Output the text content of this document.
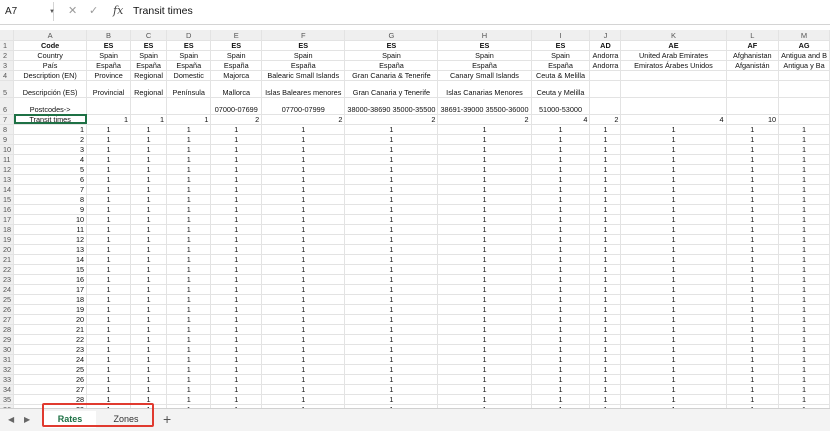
A7	▼ ✕ ✓ fx Transit times
	A	B	C	D	E	F	G	H	I	J	K	L	M
1	Code	ES	ES	ES	ES	ES	ES	ES	ES	AD	AE	AF	AG
2	Country	Spain	Spain	Spain	Spain	Spain	Spain	Spain	Spain	Andorra	United Arab Emirates	Afghanistan	Antigua and B
3	País	España	España	España	España	España	España	España	España	Andorra	Emiratos Árabes Unidos	Afganistán	Antigua y Ba
4	Description (EN)	Province	Regional	Domestic	Majorca	Balearic Small Islands	Gran Canaria & Tenerife	Canary Small Islands	Ceuta & Melilla				
5	Descripción (ES)	Provincial	Regional	Península	Mallorca	Islas Baleares menores	Gran Canaria y Tenerife	Islas Canarias Menores	Ceuta y Melilla				
6	Postcodes->				07000-07699	07700-07999	38000-38690 35000-35500	38691-39000 35500-36000	51000-53000				
7	Transit times	1	1	1	2	2	2	2	4	2	4	10	
8	1	1	1	1	1	1	1	1	1	1	1	1	1
9	2	1	1	1	1	1	1	1	1	1	1	1	1
10	3	1	1	1	1	1	1	1	1	1	1	1	1
11	4	1	1	1	1	1	1	1	1	1	1	1	1
12	5	1	1	1	1	1	1	1	1	1	1	1	1
13	6	1	1	1	1	1	1	1	1	1	1	1	1
14	7	1	1	1	1	1	1	1	1	1	1	1	1
15	8	1	1	1	1	1	1	1	1	1	1	1	1
16	9	1	1	1	1	1	1	1	1	1	1	1	1
17	10	1	1	1	1	1	1	1	1	1	1	1	1
18	11	1	1	1	1	1	1	1	1	1	1	1	1
19	12	1	1	1	1	1	1	1	1	1	1	1	1
20	13	1	1	1	1	1	1	1	1	1	1	1	1
21	14	1	1	1	1	1	1	1	1	1	1	1	1
22	15	1	1	1	1	1	1	1	1	1	1	1	1
23	16	1	1	1	1	1	1	1	1	1	1	1	1
24	17	1	1	1	1	1	1	1	1	1	1	1	1
25	18	1	1	1	1	1	1	1	1	1	1	1	1
26	19	1	1	1	1	1	1	1	1	1	1	1	1
27	20	1	1	1	1	1	1	1	1	1	1	1	1
28	21	1	1	1	1	1	1	1	1	1	1	1	1
29	22	1	1	1	1	1	1	1	1	1	1	1	1
30	23	1	1	1	1	1	1	1	1	1	1	1	1
31	24	1	1	1	1	1	1	1	1	1	1	1	1
32	25	1	1	1	1	1	1	1	1	1	1	1	1
33	26	1	1	1	1	1	1	1	1	1	1	1	1
34	27	1	1	1	1	1	1	1	1	1	1	1	1
35	28	1	1	1	1	1	1	1	1	1	1	1	1

◀ ▶	Rates	Zones	+
